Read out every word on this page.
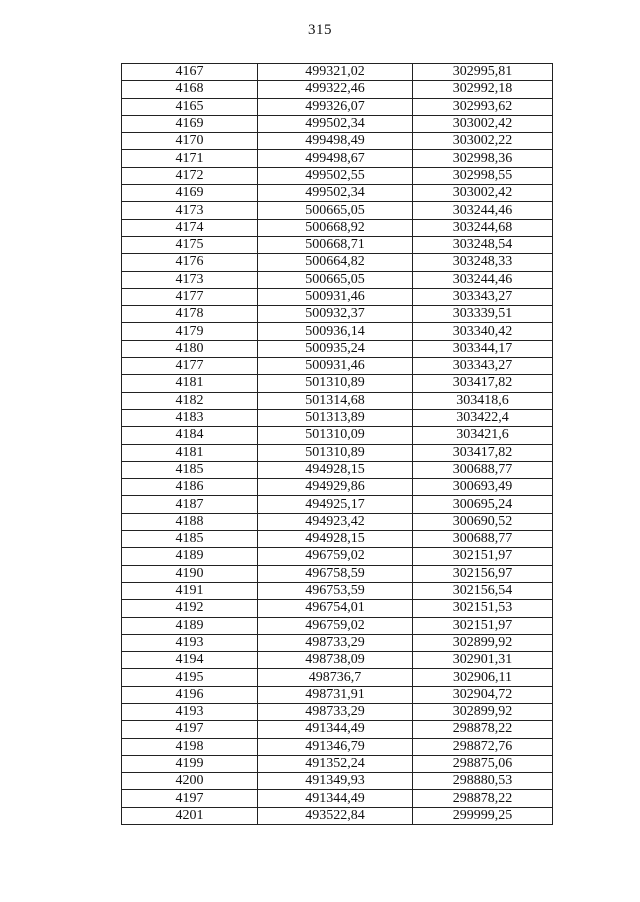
315
4167	499321,02	302995,81
4168	499322,46	302992,18
4165	499326,07	302993,62
4169	499502,34	303002,42
4170	499498,49	303002,22
4171	499498,67	302998,36
4172	499502,55	302998,55
4169	499502,34	303002,42
4173	500665,05	303244,46
4174	500668,92	303244,68
4175	500668,71	303248,54
4176	500664,82	303248,33
4173	500665,05	303244,46
4177	500931,46	303343,27
4178	500932,37	303339,51
4179	500936,14	303340,42
4180	500935,24	303344,17
4177	500931,46	303343,27
4181	501310,89	303417,82
4182	501314,68	303418,6
4183	501313,89	303422,4
4184	501310,09	303421,6
4181	501310,89	303417,82
4185	494928,15	300688,77
4186	494929,86	300693,49
4187	494925,17	300695,24
4188	494923,42	300690,52
4185	494928,15	300688,77
4189	496759,02	302151,97
4190	496758,59	302156,97
4191	496753,59	302156,54
4192	496754,01	302151,53
4189	496759,02	302151,97
4193	498733,29	302899,92
4194	498738,09	302901,31
4195	498736,7	302906,11
4196	498731,91	302904,72
4193	498733,29	302899,92
4197	491344,49	298878,22
4198	491346,79	298872,76
4199	491352,24	298875,06
4200	491349,93	298880,53
4197	491344,49	298878,22
4201	493522,84	299999,25
